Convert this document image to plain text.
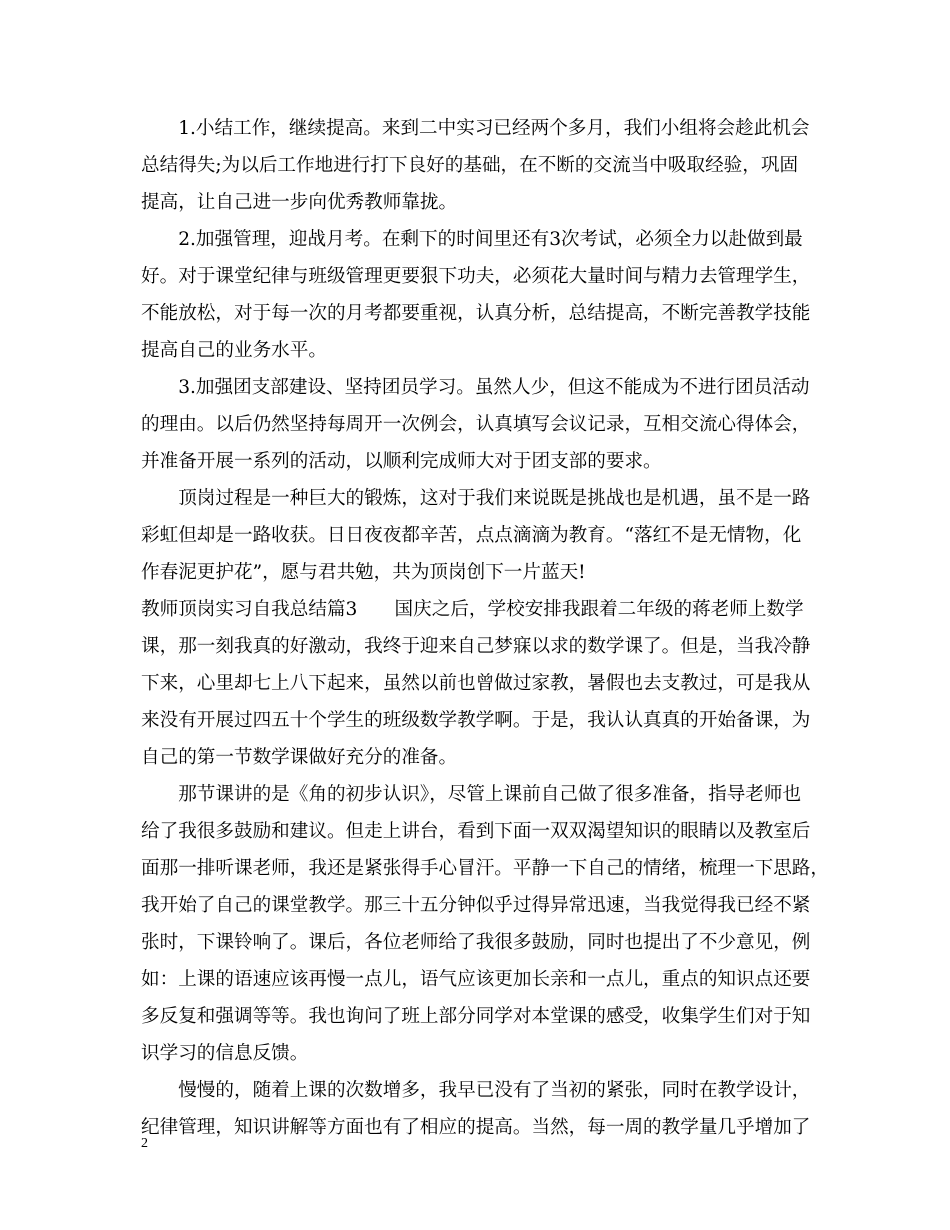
　　1.小结工作，继续提高。来到二中实习已经两个多月，我们小组将会趁此机会
总结得失;为以后工作地进行打下良好的基础，在不断的交流当中吸取经验，巩固
提高，让自己进一步向优秀教师靠拢。
　　2.加强管理，迎战月考。在剩下的时间里还有3次考试，必须全力以赴做到最
好。对于课堂纪律与班级管理更要狠下功夫，必须花大量时间与精力去管理学生，
不能放松，对于每一次的月考都要重视，认真分析，总结提高，不断完善教学技能
提高自己的业务水平。
　　3.加强团支部建设、坚持团员学习。虽然人少，但这不能成为不进行团员活动
的理由。以后仍然坚持每周开一次例会，认真填写会议记录，互相交流心得体会，
并准备开展一系列的活动，以顺利完成师大对于团支部的要求。
　　顶岗过程是一种巨大的锻炼，这对于我们来说既是挑战也是机遇，虽不是一路
彩虹但却是一路收获。日日夜夜都辛苦，点点滴滴为教育。“落红不是无情物，化
作春泥更护花”，愿与君共勉，共为顶岗创下一片蓝天!
教师顶岗实习自我总结篇3　　国庆之后，学校安排我跟着二年级的蒋老师上数学
课，那一刻我真的好激动，我终于迎来自己梦寐以求的数学课了。但是，当我冷静
下来，心里却七上八下起来，虽然以前也曾做过家教，暑假也去支教过，可是我从
来没有开展过四五十个学生的班级数学教学啊。于是，我认认真真的开始备课，为
自己的第一节数学课做好充分的准备。
　　那节课讲的是《角的初步认识》，尽管上课前自己做了很多准备，指导老师也
给了我很多鼓励和建议。但走上讲台，看到下面一双双渴望知识的眼睛以及教室后
面那一排听课老师，我还是紧张得手心冒汗。平静一下自己的情绪，梳理一下思路，
我开始了自己的课堂教学。那三十五分钟似乎过得异常迅速，当我觉得我已经不紧
张时，下课铃响了。课后，各位老师给了我很多鼓励，同时也提出了不少意见，例
如：上课的语速应该再慢一点儿，语气应该更加长亲和一点儿，重点的知识点还要
多反复和强调等等。我也询问了班上部分同学对本堂课的感受，收集学生们对于知
识学习的信息反馈。
　　慢慢的，随着上课的次数增多，我早已没有了当初的紧张，同时在教学设计，
纪律管理，知识讲解等方面也有了相应的提高。当然，每一周的教学量几乎增加了
2
